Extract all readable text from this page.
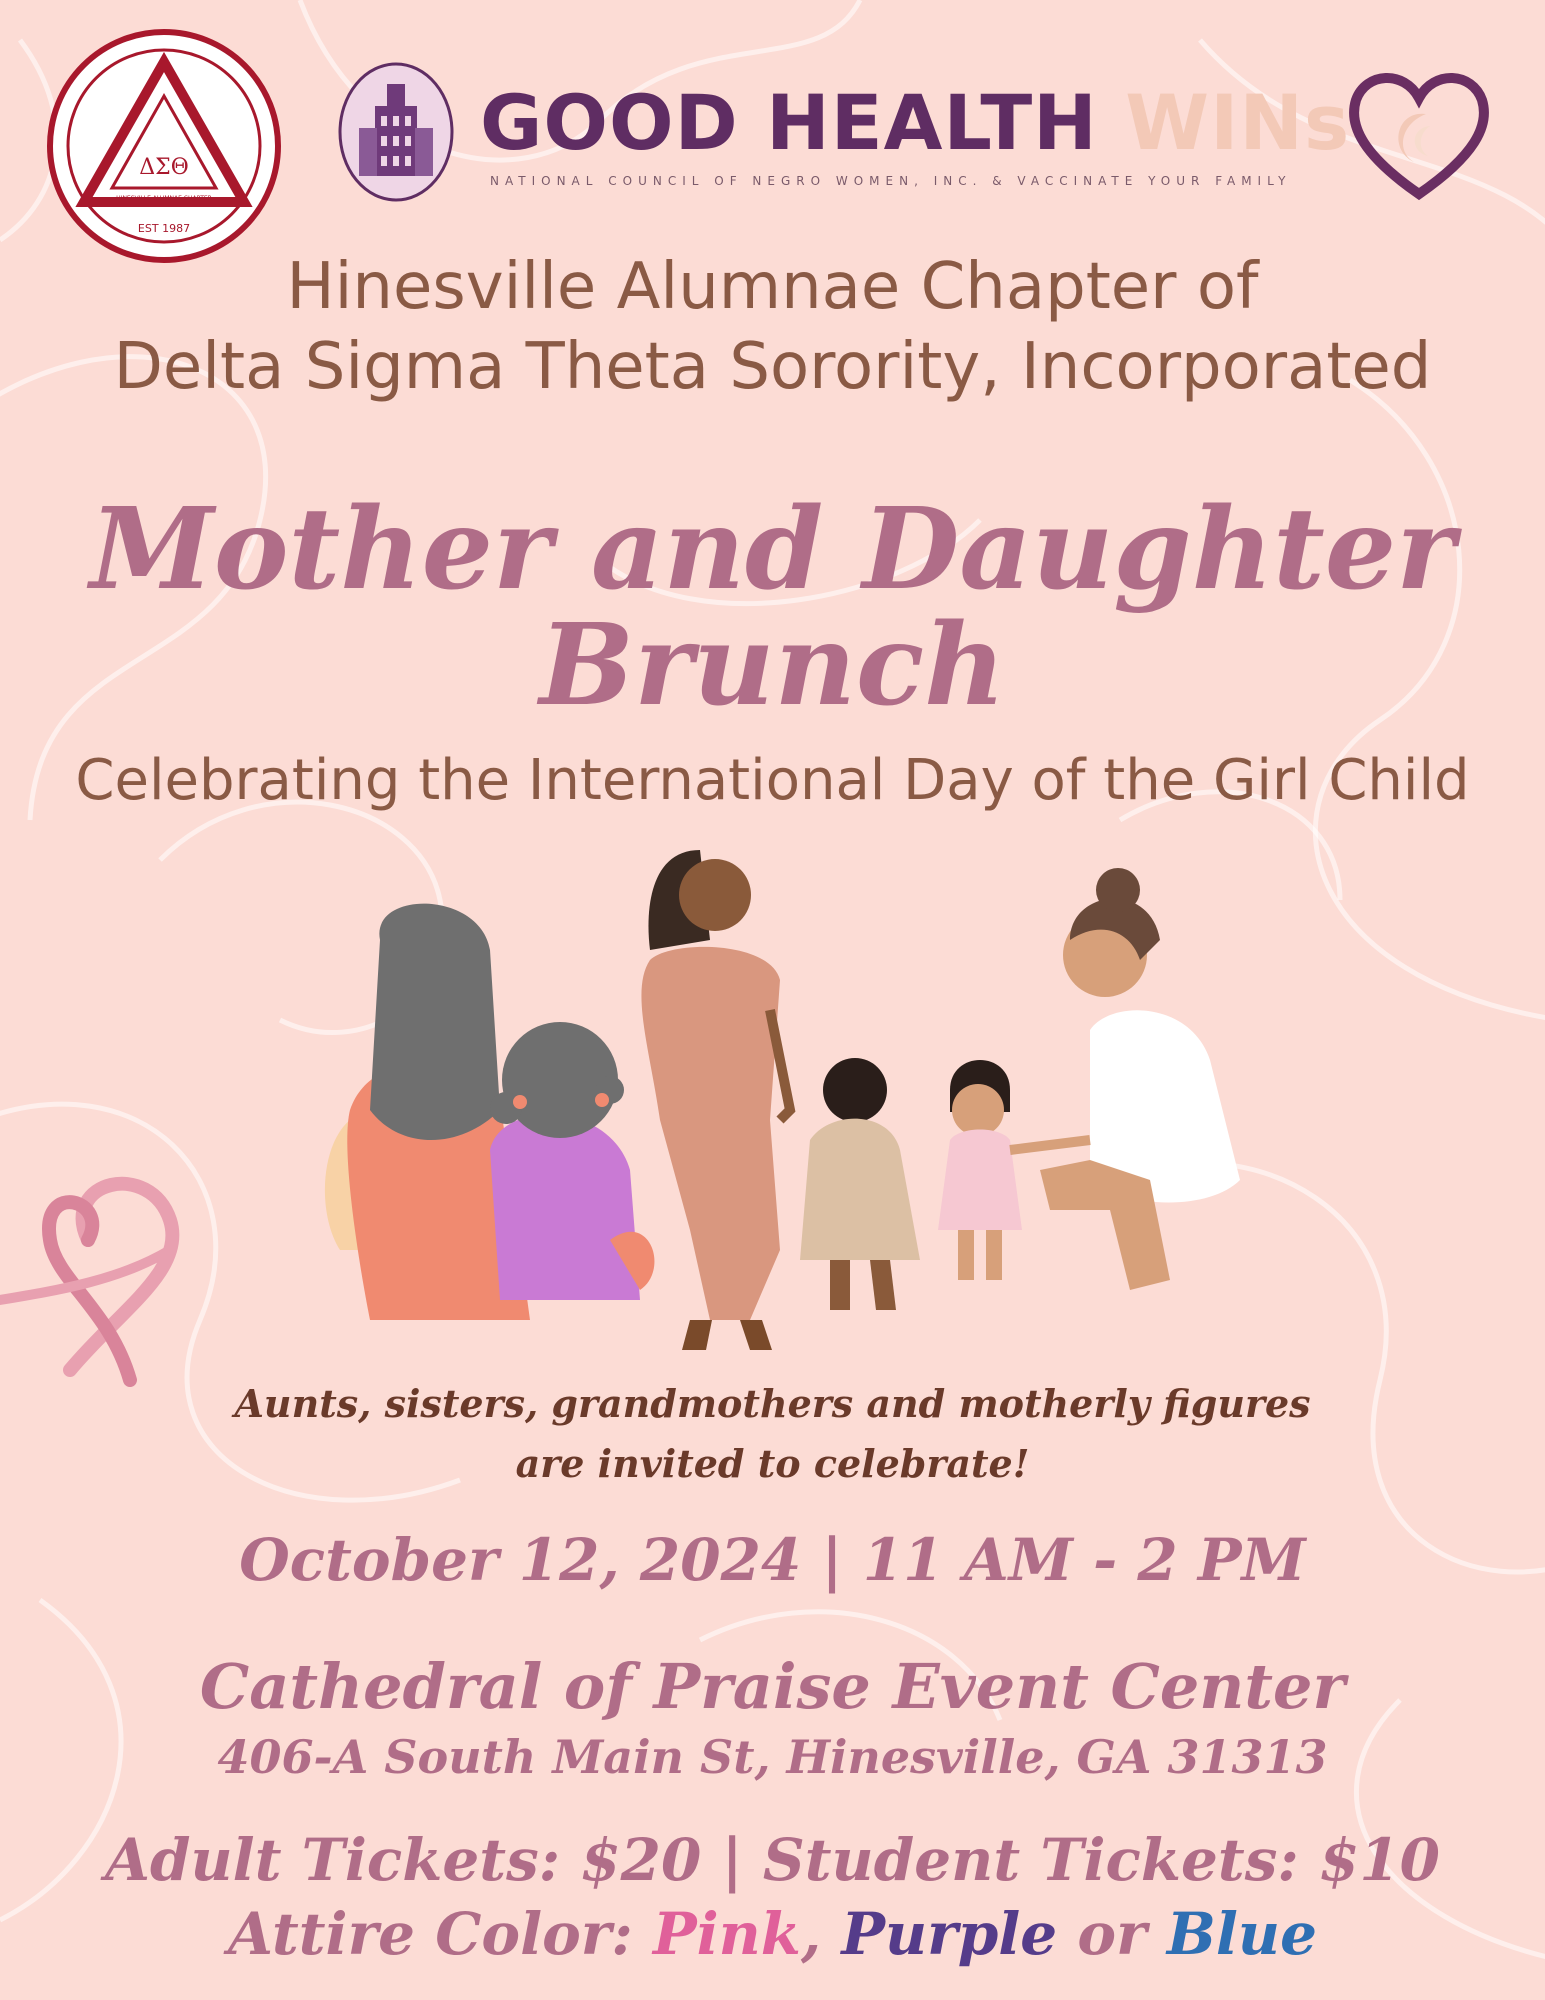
ΔΣΘ
HINESVILLE ALUMNAE CHAPTER
EST 1987
GOOD HEALTH WINs
NATIONAL COUNCIL OF NEGRO WOMEN, INC. & VACCINATE YOUR FAMILY
Hinesville Alumnae Chapter of
Delta Sigma Theta Sorority, Incorporated
Mother and Daughter
Brunch
Celebrating the International Day of the Girl Child
Aunts, sisters, grandmothers and motherly figures
are invited to celebrate!
October 12, 2024 | 11 AM - 2 PM
Cathedral of Praise Event Center
406-A South Main St, Hinesville, GA 31313
Adult Tickets: $20 | Student Tickets: $10
Attire Color: Pink, Purple or Blue
